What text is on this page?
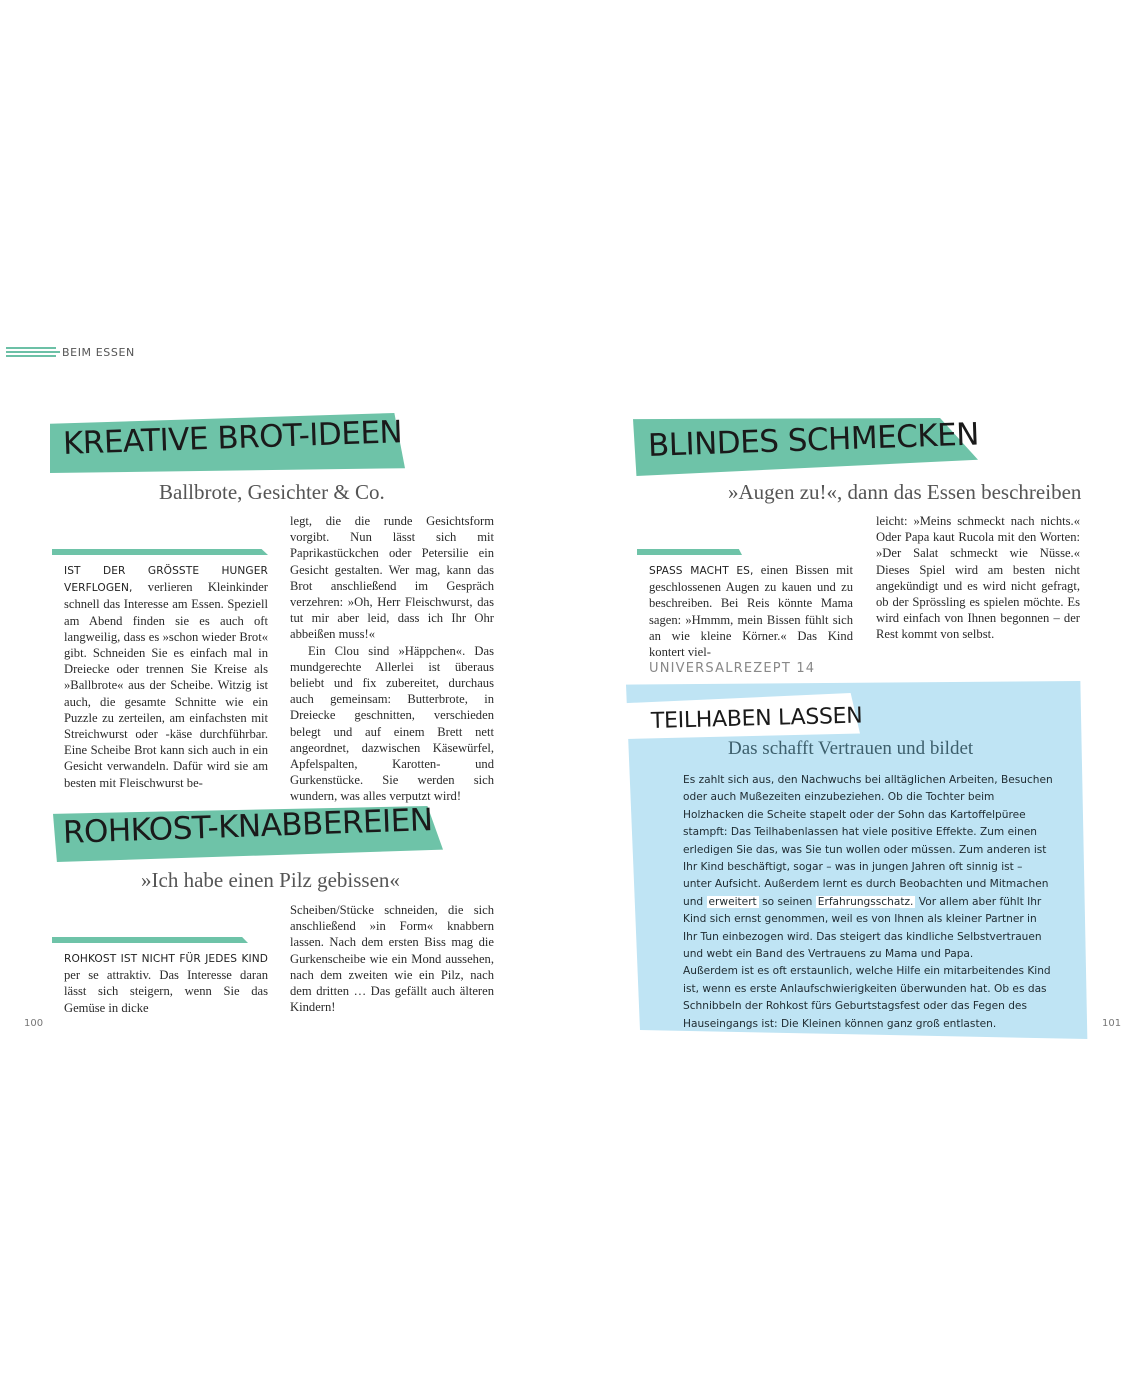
BEIM ESSEN
KREATIVE BROT-IDEEN
Ballbrote, Gesichter & Co.
IST DER GRÖSSTE HUNGER VERFLOGEN, verlieren Kleinkinder schnell das Interesse am Essen. Speziell am Abend finden sie es auch oft langweilig, dass es »schon wieder Brot« gibt. Schneiden Sie es einfach mal in Dreiecke oder trennen Sie Kreise als »Ballbrote« aus der Scheibe. Witzig ist auch, die gesamte Schnitte wie ein Puzzle zu zerteilen, am einfachsten mit Streichwurst oder -käse durchführbar. Eine Scheibe Brot kann sich auch in ein Gesicht verwandeln. Dafür wird sie am besten mit Fleischwurst be-
legt, die die runde Gesichtsform vorgibt. Nun lässt sich mit Paprikastückchen oder Petersilie ein Gesicht gestalten. Wer mag, kann das Brot anschließend im Gespräch verzehren: »Oh, Herr Fleischwurst, das tut mir aber leid, dass ich Ihr Ohr abbeißen muss!«
Ein Clou sind »Häppchen«. Das mundgerechte Allerlei ist überaus beliebt und fix zubereitet, durchaus auch gemeinsam: Butterbrote, in Dreiecke geschnitten, verschieden belegt und auf einem Brett nett angeordnet, dazwischen Käsewürfel, Apfelspalten, Karotten- und Gurkenstücke. Sie werden sich wundern, was alles verputzt wird!
ROHKOST-KNABBEREIEN
»Ich habe einen Pilz gebissen«
ROHKOST IST NICHT FÜR JEDES KIND per se attraktiv. Das Interesse daran lässt sich steigern, wenn Sie das Gemüse in dicke
Scheiben/Stücke schneiden, die sich anschließend »in Form« knabbern lassen. Nach dem ersten Biss mag die Gurkenscheibe wie ein Mond aussehen, nach dem zweiten wie ein Pilz, nach dem dritten … Das gefällt auch älteren Kindern!
100
BLINDES SCHMECKEN
»Augen zu!«, dann das Essen beschreiben
SPASS MACHT ES, einen Bissen mit geschlossenen Augen zu kauen und zu beschreiben. Bei Reis könnte Mama sagen: »Hmmm, mein Bissen fühlt sich an wie kleine Körner.« Das Kind kontert viel-
leicht: »Meins schmeckt nach nichts.« Oder Papa kaut Rucola mit den Worten: »Der Salat schmeckt wie Nüsse.« Dieses Spiel wird am besten nicht angekündigt und es wird nicht gefragt, ob der Sprössling es spielen möchte. Es wird einfach von Ihnen begonnen – der Rest kommt von selbst.
UNIVERSALREZEPT 14
TEILHABEN LASSEN
Das schafft Vertrauen und bildet
Es zahlt sich aus, den Nachwuchs bei alltäglichen Arbeiten, Besuchen oder auch Mußezeiten einzubeziehen. Ob die Tochter beim Holzhacken die Scheite stapelt oder der Sohn das Kartoffelpüree stampft: Das Teilhabenlassen hat viele positive Effekte. Zum einen erledigen Sie das, was Sie tun wollen oder müssen. Zum anderen ist Ihr Kind beschäftigt, sogar – was in jungen Jahren oft sinnig ist – unter Aufsicht. Außerdem lernt es durch Beobachten und Mitmachen und erweitert so seinen Erfahrungsschatz. Vor allem aber fühlt Ihr Kind sich ernst genommen, weil es von Ihnen als kleiner Partner in Ihr Tun einbezogen wird. Das steigert das kindliche Selbstvertrauen und webt ein Band des Vertrauens zu Mama und Papa.
Außerdem ist es oft erstaunlich, welche Hilfe ein mitarbeitendes Kind ist, wenn es erste Anlaufschwierigkeiten überwunden hat. Ob es das Schnibbeln der Rohkost fürs Geburtstagsfest oder das Fegen des Hauseingangs ist: Die Kleinen können ganz groß entlasten.	101
